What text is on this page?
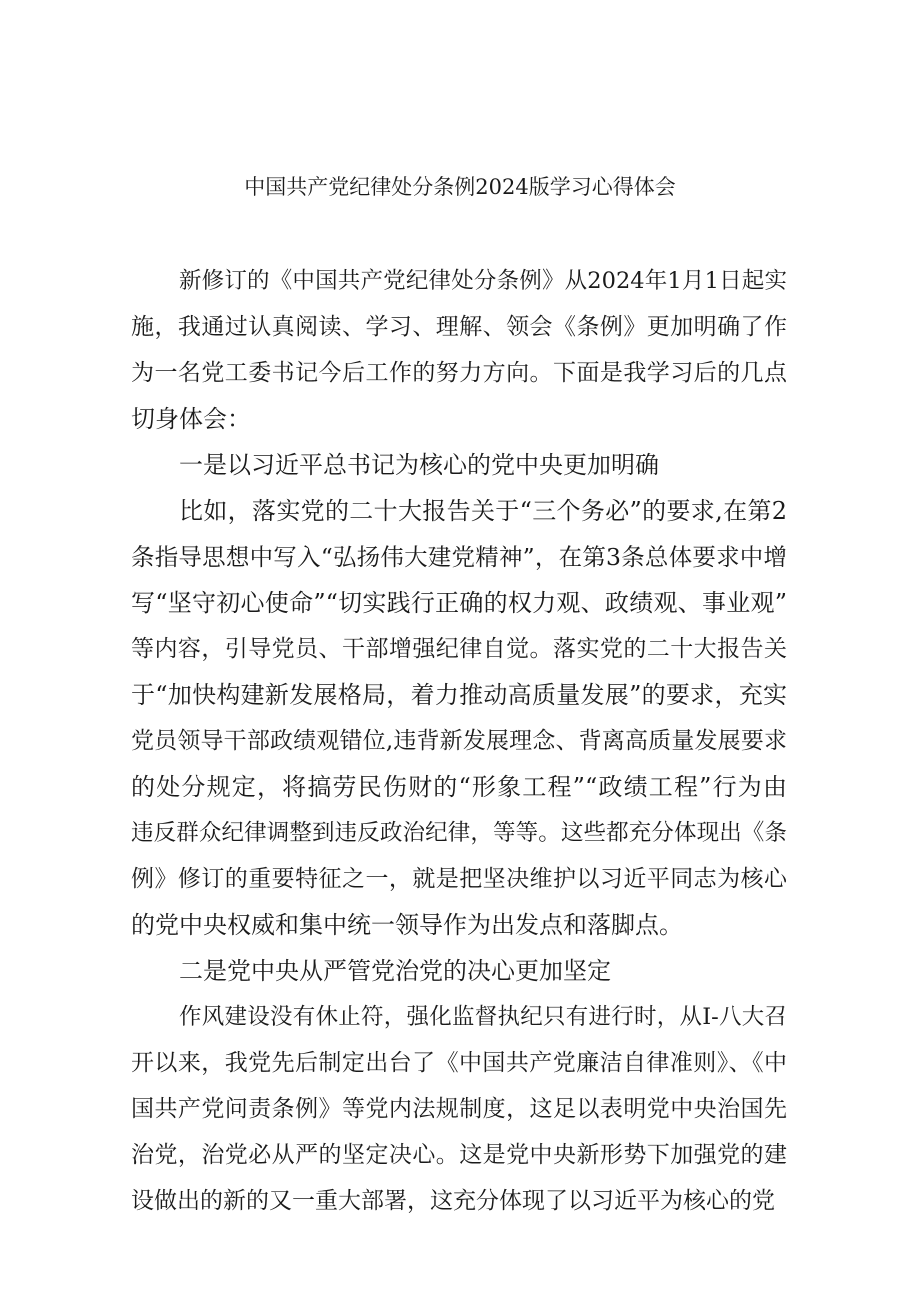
中国共产党纪律处分条例2024版学习心得体会
新修订的《中国共产党纪律处分条例》从2024年1月1日起实
施，我通过认真阅读、学习、理解、领会《条例》更加明确了作
为一名党工委书记今后工作的努力方向。下面是我学习后的几点
切身体会：
一是以习近平总书记为核心的党中央更加明确
比如，落实党的二十大报告关于“三个务必”的要求,在第2
条指导思想中写入“弘扬伟大建党精神”，在第3条总体要求中增
写“坚守初心使命”“切实践行正确的权力观、政绩观、事业观”
等内容，引导党员、干部增强纪律自觉。落实党的二十大报告关
于“加快构建新发展格局，着力推动高质量发展”的要求，充实
党员领导干部政绩观错位,违背新发展理念、背离高质量发展要求
的处分规定，将搞劳民伤财的“形象工程”“政绩工程”行为由
违反群众纪律调整到违反政治纪律，等等。这些都充分体现出《条
例》修订的重要特征之一，就是把坚决维护以习近平同志为核心
的党中央权威和集中统一领导作为出发点和落脚点。
二是党中央从严管党治党的决心更加坚定
作风建设没有休止符，强化监督执纪只有进行时，从I-八大召
开以来，我党先后制定出台了《中国共产党廉洁自律准则》、《中
国共产党问责条例》等党内法规制度，这足以表明党中央治国先
治党，治党必从严的坚定决心。这是党中央新形势下加强党的建
设做出的新的又一重大部署，这充分体现了以习近平为核心的党
